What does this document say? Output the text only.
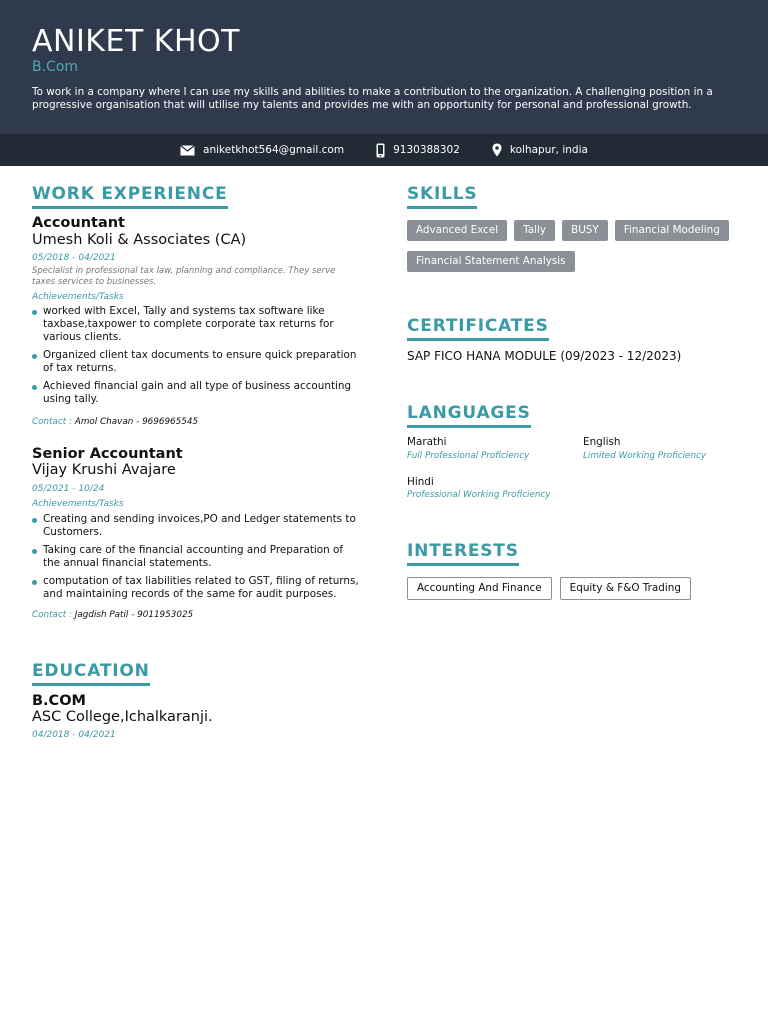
ANIKET KHOT
B.Com
To work in a company where I can use my skills and abilities to make a contribution to the organization. A challenging position in a progressive organisation that will utilise my talents and provides me with an opportunity for personal and professional growth.
aniketkhot564@gmail.com	9130388302	kolhapur, india
WORK EXPERIENCE
Accountant
Umesh Koli & Associates (CA)
05/2018 - 04/2021
Specialist in professional tax law, planning and compliance. They serve taxes services to businesses.
Achievements/Tasks
worked with Excel, Tally and systems tax software like taxbase,taxpower to complete corporate tax returns for various clients.
Organized client tax documents to ensure quick preparation of tax returns.
Achieved financial gain and all type of business accounting using tally.
Contact : Amol Chavan - 9696965545
Senior Accountant
Vijay Krushi Avajare
05/2021 - 10/24
Achievements/Tasks
Creating and sending invoices,PO and Ledger statements to Customers.
Taking care of the financial accounting and Preparation of the annual financial statements.
computation of tax liabilities related to GST, filing of returns, and maintaining records of the same for audit purposes.
Contact : Jagdish Patil - 9011953025
EDUCATION
B.COM
ASC College,Ichalkaranji.
04/2018 - 04/2021
SKILLS
Advanced Excel	Tally	BUSY	Financial Modeling
Financial Statement Analysis
CERTIFICATES
SAP FICO HANA MODULE (09/2023 - 12/2023)
LANGUAGES
Marathi
Full Professional Proficiency
English
Limited Working Proficiency
Hindi
Professional Working Proficiency
INTERESTS
Accounting And Finance	Equity & F&O Trading
